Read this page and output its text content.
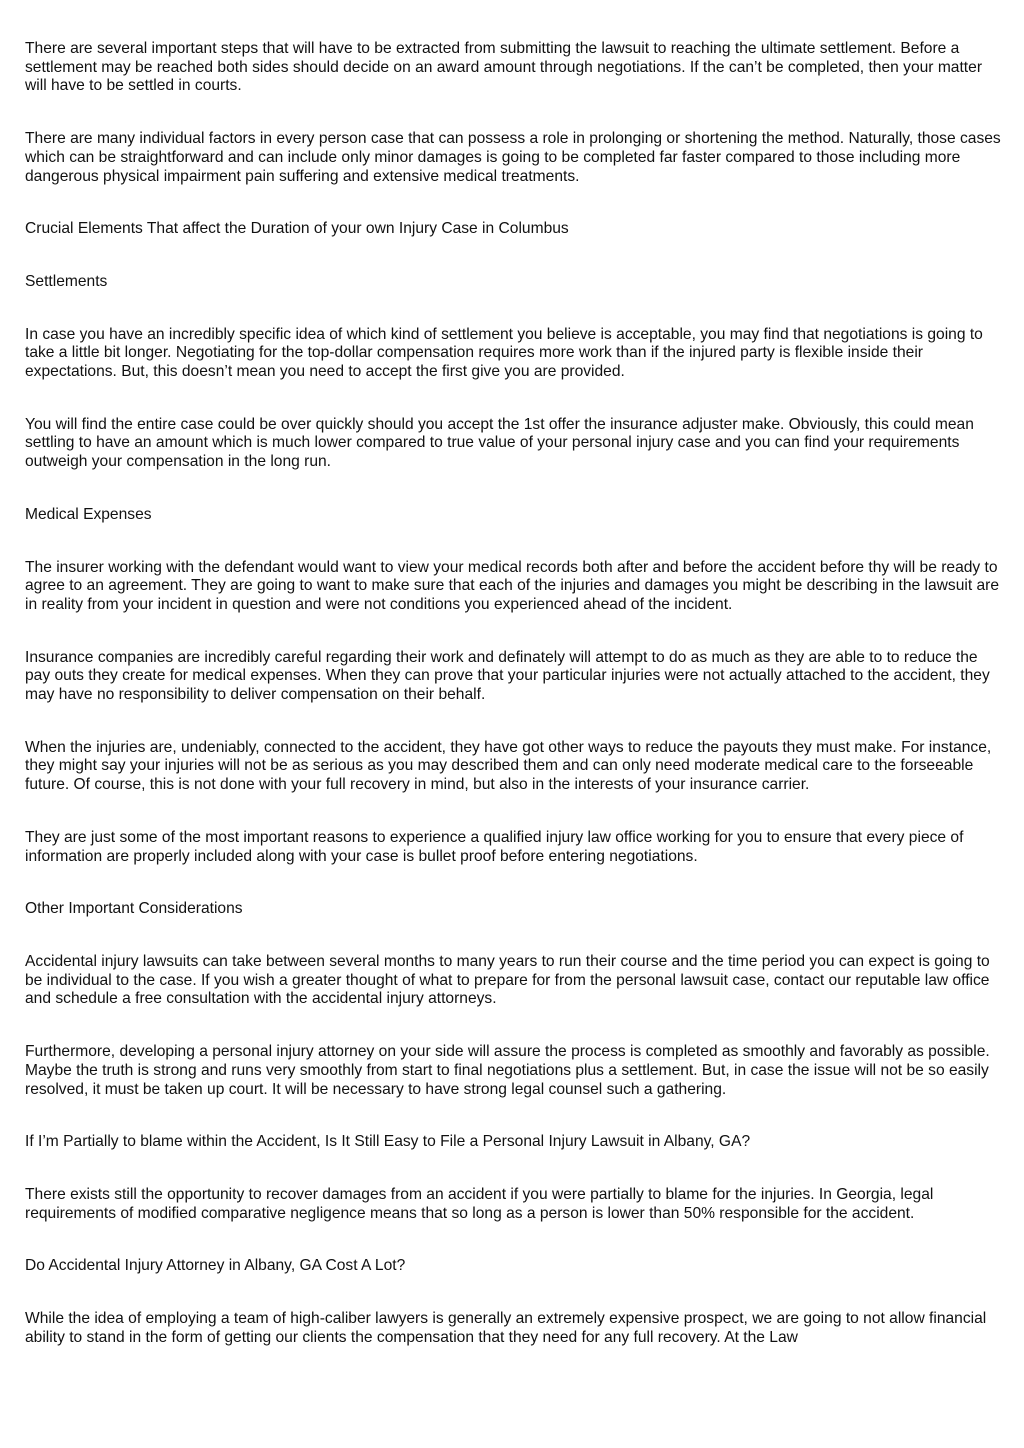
There are several important steps that will have to be extracted from submitting the lawsuit to reaching the ultimate settlement. Before a settlement may be reached both sides should decide on an award amount through negotiations. If the can’t be completed, then your matter will have to be settled in courts.

There are many individual factors in every person case that can possess a role in prolonging or shortening the method. Naturally, those cases which can be straightforward and can include only minor damages is going to be completed far faster compared to those including more dangerous physical impairment pain suffering and extensive medical treatments.

Crucial Elements That affect the Duration of your own Injury Case in Columbus

Settlements

In case you have an incredibly specific idea of which kind of settlement you believe is acceptable, you may find that negotiations is going to take a little bit longer. Negotiating for the top-dollar compensation requires more work than if the injured party is flexible inside their expectations. But, this doesn’t mean you need to accept the first give you are provided.

You will find the entire case could be over quickly should you accept the 1st offer the insurance adjuster make. Obviously, this could mean settling to have an amount which is much lower compared to true value of your personal injury case and you can find your requirements outweigh your compensation in the long run.

Medical Expenses

The insurer working with the defendant would want to view your medical records both after and before the accident before thy will be ready to agree to an agreement. They are going to want to make sure that each of the injuries and damages you might be describing in the lawsuit are in reality from your incident in question and were not conditions you experienced ahead of the incident.

Insurance companies are incredibly careful regarding their work and definately will attempt to do as much as they are able to to reduce the pay outs they create for medical expenses. When they can prove that your particular injuries were not actually attached to the accident, they may have no responsibility to deliver compensation on their behalf.

When the injuries are, undeniably, connected to the accident, they have got other ways to reduce the payouts they must make. For instance, they might say your injuries will not be as serious as you may described them and can only need moderate medical care to the forseeable future. Of course, this is not done with your full recovery in mind, but also in the interests of your insurance carrier.

They are just some of the most important reasons to experience a qualified injury law office working for you to ensure that every piece of information are properly included along with your case is bullet proof before entering negotiations.

Other Important Considerations

Accidental injury lawsuits can take between several months to many years to run their course and the time period you can expect is going to be individual to the case. If you wish a greater thought of what to prepare for from the personal lawsuit case, contact our reputable law office and schedule a free consultation with the accidental injury attorneys.

Furthermore, developing a personal injury attorney on your side will assure the process is completed as smoothly and favorably as possible. Maybe the truth is strong and runs very smoothly from start to final negotiations plus a settlement. But, in case the issue will not be so easily resolved, it must be taken up court. It will be necessary to have strong legal counsel such a gathering.

If I’m Partially to blame within the Accident, Is It Still Easy to File a Personal Injury Lawsuit in Albany, GA?

There exists still the opportunity to recover damages from an accident if you were partially to blame for the injuries. In Georgia, legal requirements of modified comparative negligence means that so long as a person is lower than 50% responsible for the accident.

Do Accidental Injury Attorney in Albany, GA Cost A Lot?

While the idea of employing a team of high-caliber lawyers is generally an extremely expensive prospect, we are going to not allow financial ability to stand in the form of getting our clients the compensation that they need for any full recovery. At the Law
